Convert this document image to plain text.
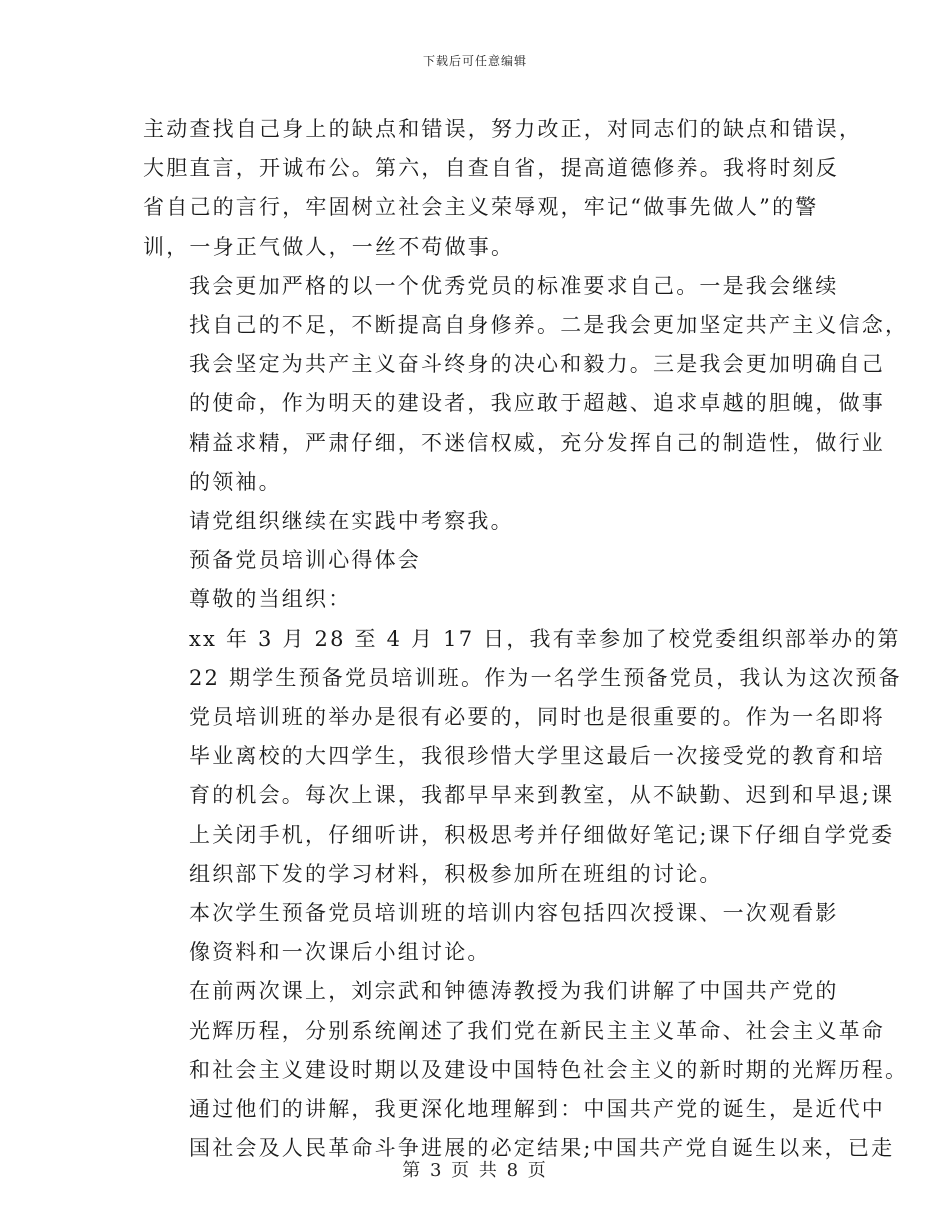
下载后可任意编辑

主动查找自己身上的缺点和错误，努力改正，对同志们的缺点和错误，
大胆直言，开诚布公。第六，自查自省，提高道德修养。我将时刻反
省自己的言行，牢固树立社会主义荣辱观，牢记“做事先做人”的警
训，一身正气做人，一丝不苟做事。

我会更加严格的以一个优秀党员的标准要求自己。一是我会继续
找自己的不足，不断提高自身修养。二是我会更加坚定共产主义信念，
我会坚定为共产主义奋斗终身的决心和毅力。三是我会更加明确自己
的使命，作为明天的建设者，我应敢于超越、追求卓越的胆魄，做事
精益求精，严肃仔细，不迷信权威，充分发挥自己的制造性，做行业
的领袖。

请党组织继续在实践中考察我。

预备党员培训心得体会

尊敬的当组织：

xx 年 3 月 28 至 4 月 17 日，我有幸参加了校党委组织部举办的第
22 期学生预备党员培训班。作为一名学生预备党员，我认为这次预备
党员培训班的举办是很有必要的，同时也是很重要的。作为一名即将
毕业离校的大四学生，我很珍惜大学里这最后一次接受党的教育和培
育的机会。每次上课，我都早早来到教室，从不缺勤、迟到和早退;课
上关闭手机，仔细听讲，积极思考并仔细做好笔记;课下仔细自学党委
组织部下发的学习材料，积极参加所在班组的讨论。

本次学生预备党员培训班的培训内容包括四次授课、一次观看影
像资料和一次课后小组讨论。

在前两次课上，刘宗武和钟德涛教授为我们讲解了中国共产党的
光辉历程，分别系统阐述了我们党在新民主主义革命、社会主义革命
和社会主义建设时期以及建设中国特色社会主义的新时期的光辉历程。
通过他们的讲解，我更深化地理解到：中国共产党的诞生，是近代中
国社会及人民革命斗争进展的必定结果;中国共产党自诞生以来，已走

第 3 页 共 8 页
